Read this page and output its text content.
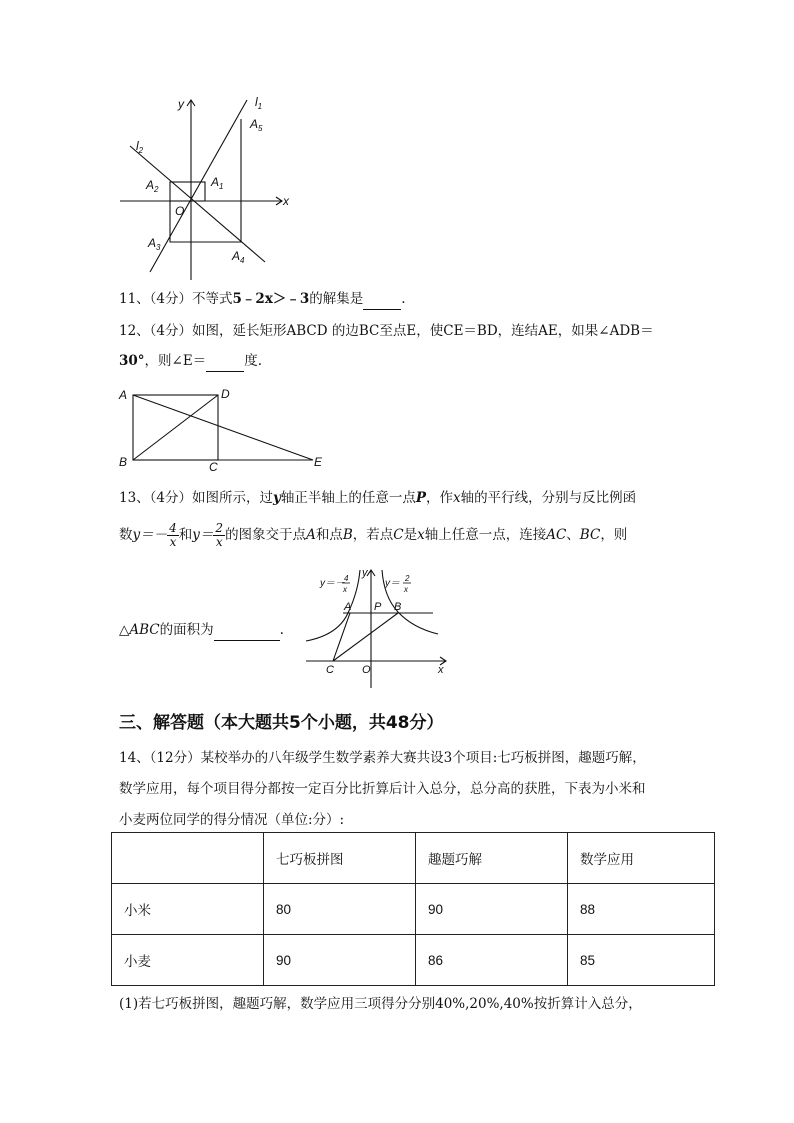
y
x
O
$l_1$
$l_2$
$A_1$
$A_2$
$A_3$
$A_4$
$A_5$
11、（4分）不等式5﹣2x＞﹣3的解集是	.
12、（4分）如图，延长矩形ABCD 的边BC至点E，使CE＝BD，连结AE，如果∠ADB＝
30°，则∠E＝	度.
A	D
B	C	E
13、（4分）如图所示，过y轴正半轴上的任意一点P，作x轴的平行线，分别与反比例函
数$y=- \frac{4}{x}$ 和$y= \frac{2}{x}$ 的图象交于点A和点B，若点C是x轴上任意一点，连接AC、BC，则
△ABC的面积为	.
A P B
C	O	x
y
y＝－ 4
x
y＝ 2
x
三、解答题（本大题共5个小题，共48分）
14、（12分）某校举办的八年级学生数学素养大赛共设3个项目:七巧板拼图，趣题巧解，
数学应用，每个项目得分都按一定百分比折算后计入总分，总分高的获胜，下表为小米和
小麦两位同学的得分情况（单位:分）:
	七巧板拼图	趣题巧解	数学应用
小米	80	90	88
小麦	90	86	85
(1)若七巧板拼图，趣题巧解，数学应用三项得分分别40%,20%,40%按折算计入总分，
